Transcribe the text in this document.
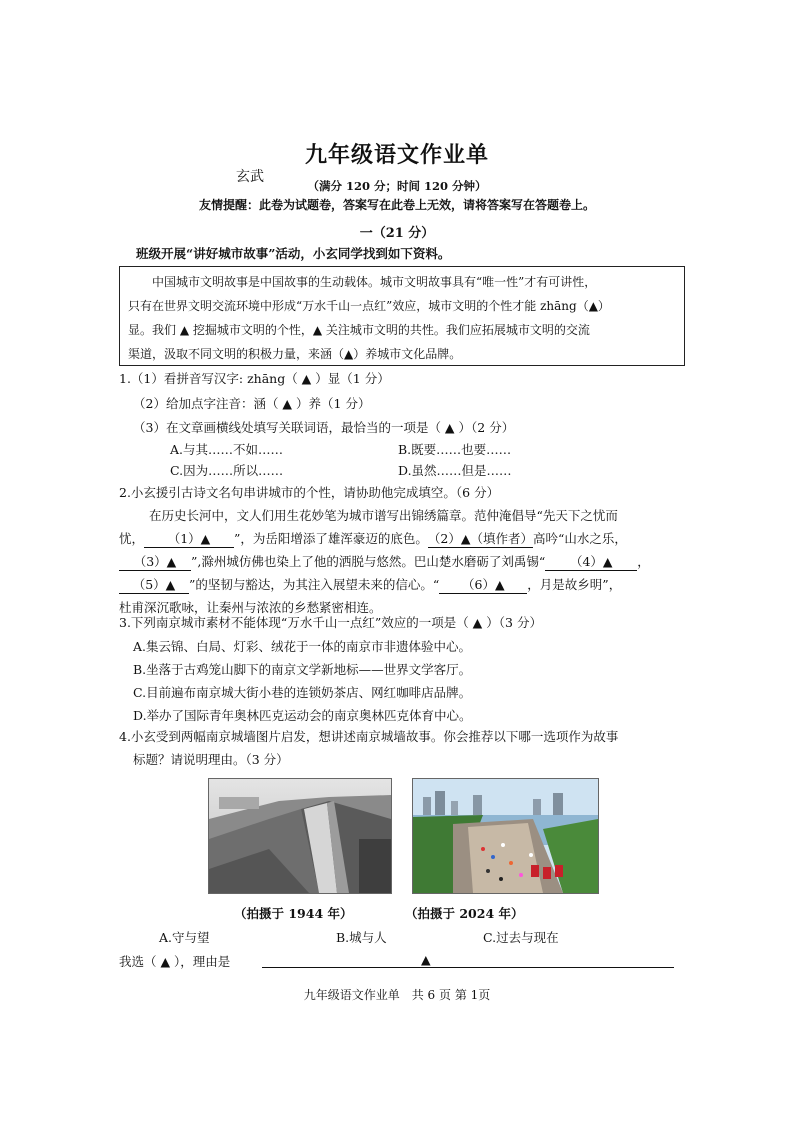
九年级语文作业单
玄武
（满分 120 分；时间 120 分钟）
友情提醒：此卷为试题卷，答案写在此卷上无效，请将答案写在答题卷上。
一（21 分）
班级开展“讲好城市故事”活动，小玄同学找到如下资料。

中国城市文明故事是中国故事的生动载体。城市文明故事具有“唯一性”才有可讲性，

只有在世界文明交流环境中形成“万水千山一点红”效应，城市文明的个性才能 zhāng（▲）

显。我们 ▲ 挖掘城市文明的个性，▲ 关注城市文明的共性。我们应拓展城市文明的交流

渠道，汲取不同文明的积极力量，来涵（▲）养城市文化品牌。

1.（1）看拼音写汉字: zhāng（ ▲ ）显（1 分）
（2）给加点字注音：涵（ ▲ ）养（1 分）
（3）在文章画横线处填写关联词语，最恰当的一项是（ ▲ ）（2 分）
A.与其……不如……	B.既要……也要……
C.因为……所以……	D.虽然……但是……
2.小玄援引古诗文名句串讲城市的个性，请协助他完成填空。（6 分）
在历史长河中，文人们用生花妙笔为城市谱写出锦绣篇章。范仲淹倡导“先天下之忧而
忧， （1）▲ ”，为岳阳增添了雄浑豪迈的底色。（2）▲（填作者）高吟“山水之乐，
（3）▲ ”,滁州城仿佛也染上了他的洒脱与悠然。巴山楚水磨砺了刘禹锡“ （4）▲ ，
（5）▲ ”的坚韧与豁达，为其注入展望未来的信心。“ （6）▲ ，月是故乡明”，
杜甫深沉歌咏，让秦州与浓浓的乡愁紧密相连。
3.下列南京城市素材不能体现“万水千山一点红”效应的一项是（ ▲ ）（3 分）
A.集云锦、白局、灯彩、绒花于一体的南京市非遗体验中心。
B.坐落于古鸡笼山脚下的南京文学新地标——世界文学客厅。
C.目前遍布南京城大街小巷的连锁奶茶店、网红咖啡店品牌。
D.举办了国际青年奥林匹克运动会的南京奥林匹克体育中心。
4.小玄受到两幅南京城墙图片启发，想讲述南京城墙故事。你会推荐以下哪一选项作为故事
标题？请说明理由。（3 分）
（拍摄于 1944 年）	（拍摄于 2024 年）
A.守与望	B.城与人	C.过去与现在
我选（ ▲ ），理由是	▲
九年级语文作业单　共 6 页 第 1页
